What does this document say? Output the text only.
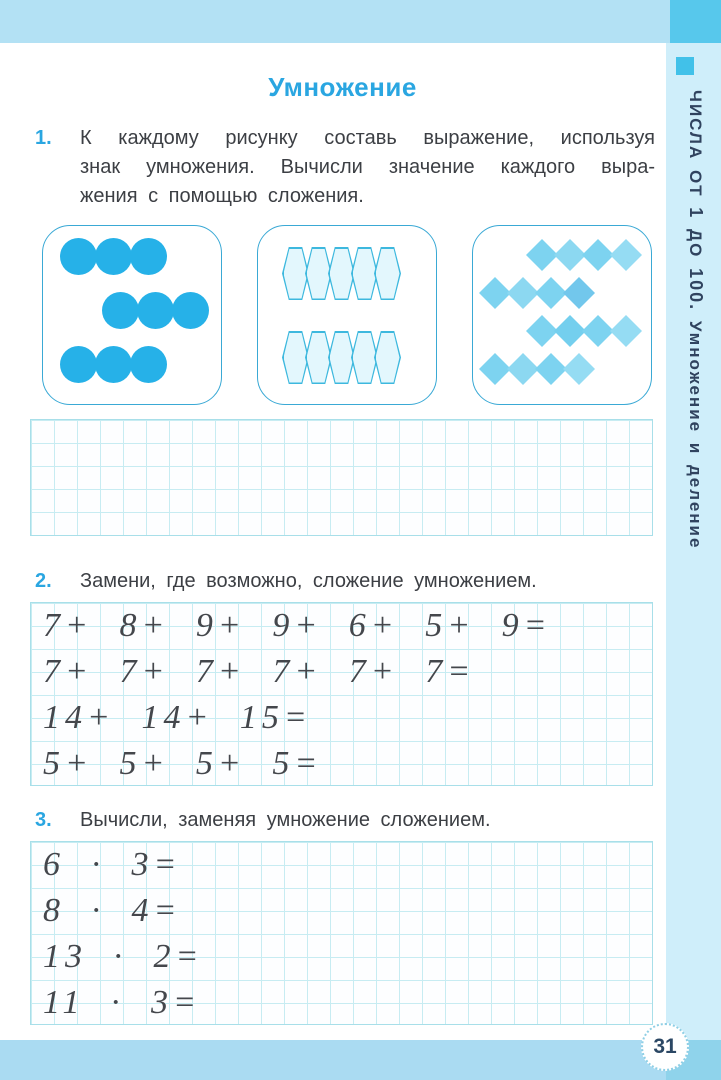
ЧИСЛА ОТ 1 ДО 100. Умножение и деление
31
Умножение
1.	К каждому рисунку составь выражение, используя
знак умножения. Вычисли значение каждого выра-
жения с помощью сложения.
2.	Замени, где возможно, сложение умножением.
7+ 8+ 9+ 9+ 6+ 5+ 9=
7+ 7+ 7+ 7+ 7+ 7=
14+ 14+ 15=
5+ 5+ 5+ 5=
3.	Вычисли, заменяя умножение сложением.
6 · 3=
8 · 4=
13 · 2=
11 · 3=
